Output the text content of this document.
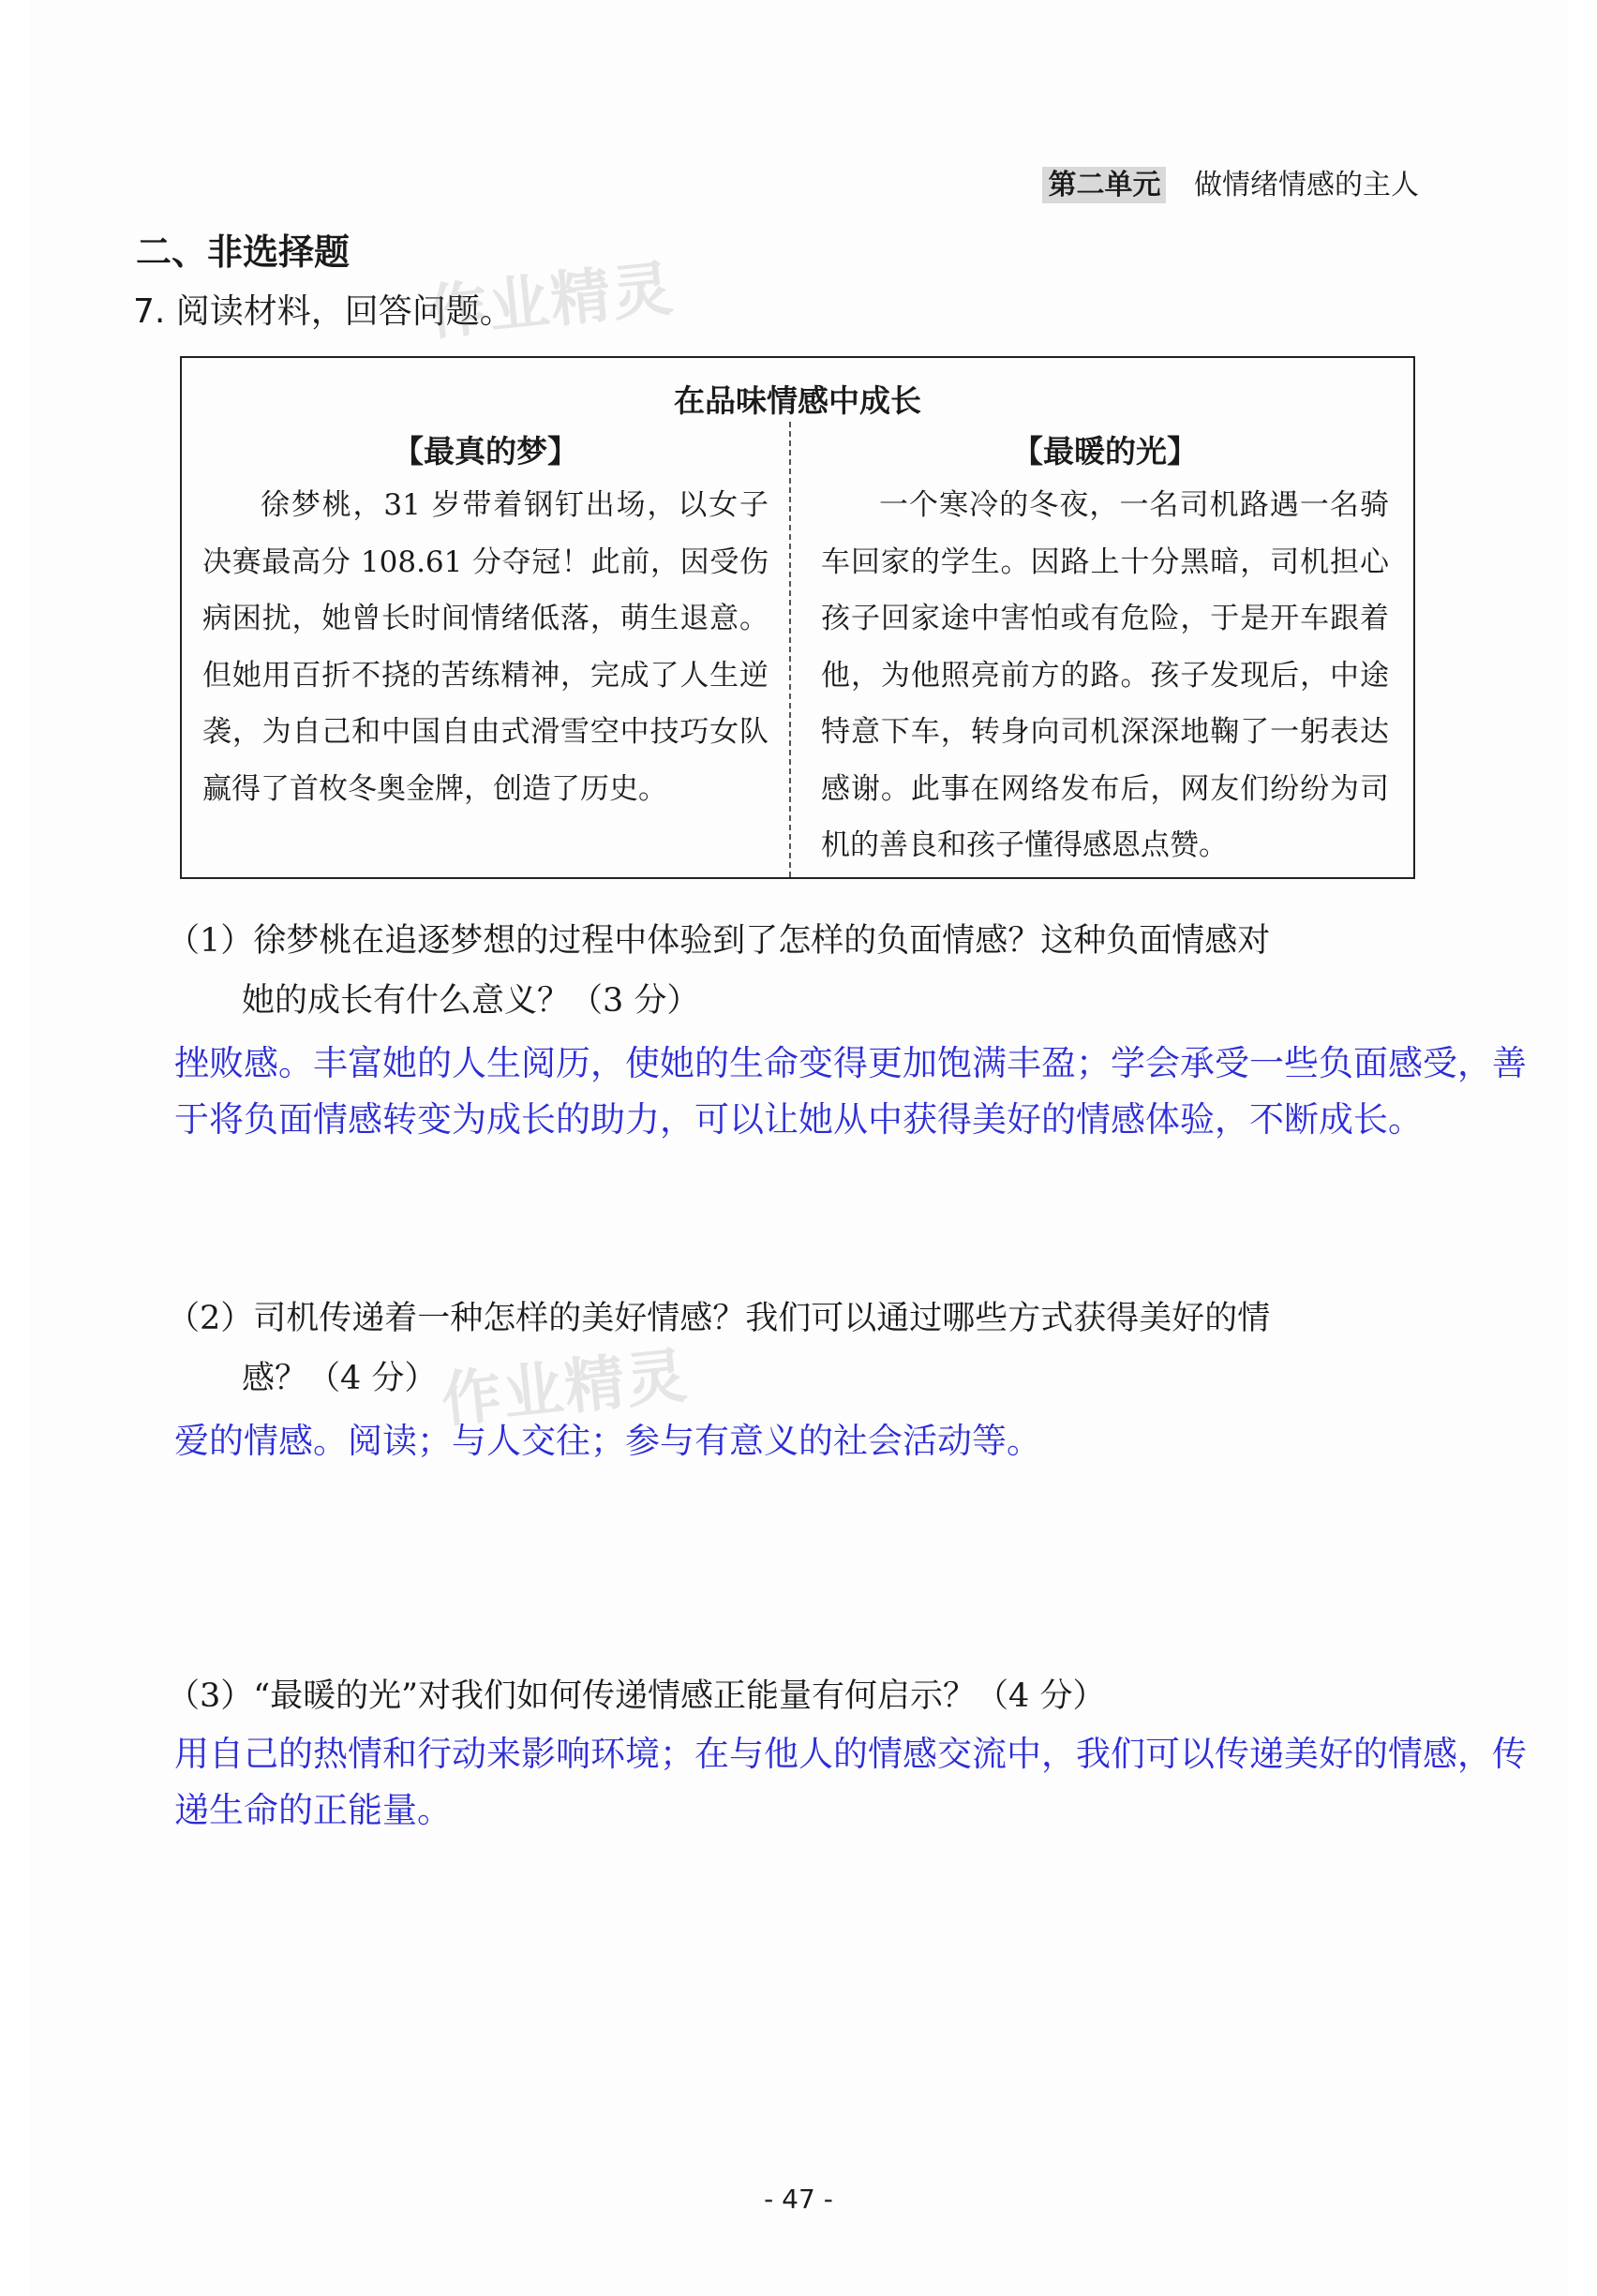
第二单元 做情绪情感的主人
二、非选择题
7. 阅读材料，回答问题。
作业精灵
作业精灵
在品味情感中成长
【最真的梦】

徐梦桃，31 岁带着钢钉出场，以女子决赛最高分 108.61 分夺冠！此前，因受伤病困扰，她曾长时间情绪低落，萌生退意。但她用百折不挠的苦练精神，完成了人生逆袭，为自己和中国自由式滑雪空中技巧女队赢得了首枚冬奥金牌，创造了历史。

【最暖的光】

一个寒冷的冬夜，一名司机路遇一名骑车回家的学生。因路上十分黑暗，司机担心孩子回家途中害怕或有危险，于是开车跟着他，为他照亮前方的路。孩子发现后，中途特意下车，转身向司机深深地鞠了一躬表达感谢。此事在网络发布后，网友们纷纷为司机的善良和孩子懂得感恩点赞。

（1）徐梦桃在追逐梦想的过程中体验到了怎样的负面情感？这种负面情感对
她的成长有什么意义？（3 分）
挫败感。丰富她的人生阅历，使她的生命变得更加饱满丰盈；学会承受一些负面感受，善于将负面情感转变为成长的助力，可以让她从中获得美好的情感体验，不断成长。
（2）司机传递着一种怎样的美好情感？我们可以通过哪些方式获得美好的情
感？（4 分）
爱的情感。阅读；与人交往；参与有意义的社会活动等。
（3）“最暖的光”对我们如何传递情感正能量有何启示？（4 分）
用自己的热情和行动来影响环境；在与他人的情感交流中，我们可以传递美好的情感，传递生命的正能量。
- 47 -
